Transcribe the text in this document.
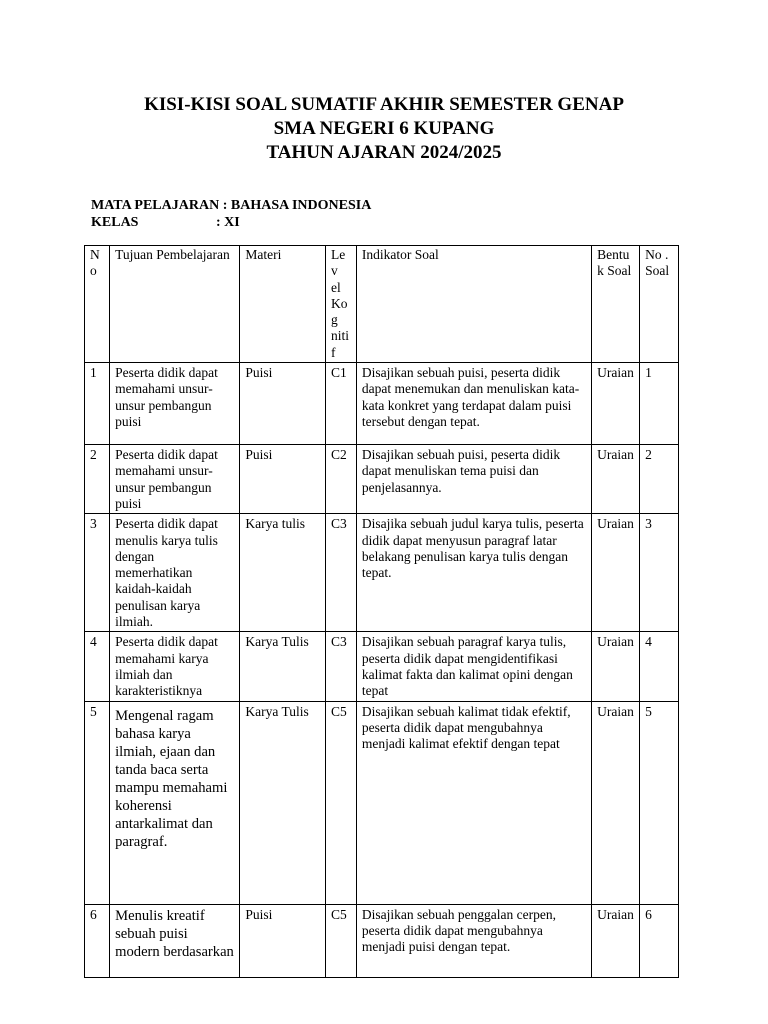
KISI-KISI SOAL SUMATIF AKHIR SEMESTER GENAP
SMA NEGERI 6 KUPANG
TAHUN AJARAN 2024/2025
MATA PELAJARAN
: BAHASA INDONESIA
KELAS	: XI
No	Tujuan Pembelajaran	Materi	Lev el Kog nitif	Indikator Soal	Bentu k Soal	No . Soal
1	Peserta didik dapat memahami unsur-unsur pembangun puisi	Puisi	C1	Disajikan sebuah puisi, peserta didik dapat menemukan dan menuliskan kata-kata konkret yang terdapat dalam puisi tersebut dengan tepat.	Uraian	1
2	Peserta didik dapat memahami unsur-unsur pembangun puisi	Puisi	C2	Disajikan sebuah puisi, peserta didik dapat menuliskan tema puisi dan penjelasannya.	Uraian	2
3	Peserta didik dapat menulis karya tulis dengan memerhatikan kaidah-kaidah penulisan karya ilmiah.	Karya tulis	C3	Disajika sebuah judul karya tulis, peserta didik dapat menyusun paragraf latar belakang penulisan karya tulis dengan tepat.	Uraian	3
4	Peserta didik dapat memahami karya ilmiah dan karakteristiknya	Karya Tulis	C3	Disajikan sebuah paragraf karya tulis, peserta didik dapat mengidentifikasi kalimat fakta dan kalimat opini dengan tepat	Uraian	4
5	Mengenal ragam bahasa karya ilmiah, ejaan dan tanda baca serta mampu memahami koherensi antarkalimat dan paragraf.	Karya Tulis	C5	Disajikan sebuah kalimat tidak efektif, peserta didik dapat mengubahnya menjadi kalimat efektif dengan tepat	Uraian	5
6	Menulis kreatif sebuah puisi modern berdasarkan	Puisi	C5	Disajikan sebuah penggalan cerpen, peserta didik dapat mengubahnya menjadi puisi dengan tepat.	Uraian	6
